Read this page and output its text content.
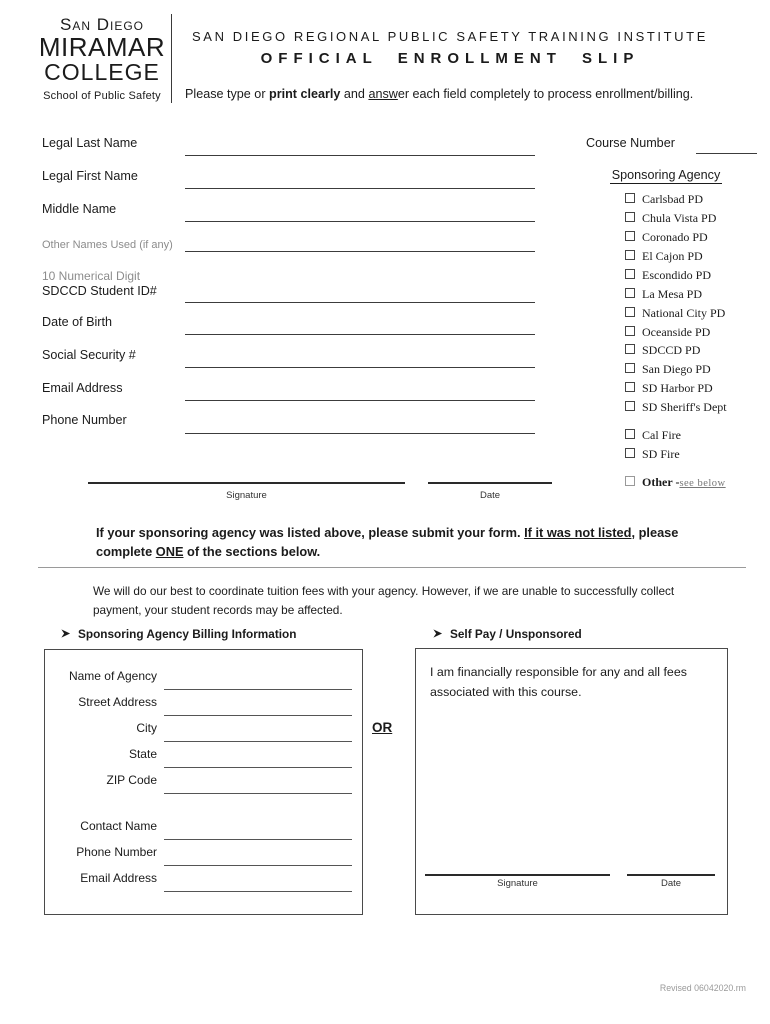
San Diego
MIRAMAR
COLLEGE
School of Public Safety
SAN DIEGO REGIONAL PUBLIC SAFETY TRAINING INSTITUTE
OFFICIAL ENROLLMENT SLIP
Please type or print clearly and answer each field completely to process enrollment/billing.
Legal Last Name
Legal First Name
Middle Name
Other Names Used (if any)
10 Numerical Digit
SDCCD Student ID#
Date of Birth
Social Security #
Email Address
Phone Number
Course Number
Sponsoring Agency
Carlsbad PD
Chula Vista PD
Coronado PD
El Cajon PD
Escondido PD
La Mesa PD
National City PD
Oceanside PD
SDCCD PD
San Diego PD
SD Harbor PD
SD Sheriff's Dept
Cal Fire
SD Fire
Other -see below
Signature	Date
If your sponsoring agency was listed above, please submit your form. If it was not listed, please complete ONE of the sections below.
We will do our best to coordinate tuition fees with your agency. However, if we are unable to successfully collect payment, your student records may be affected.
Sponsoring Agency Billing Information
Name of Agency
Street Address
City
State
ZIP Code
Contact Name
Phone Number
Email Address
OR
Self Pay / Unsponsored
I am financially responsible for any and all fees associated with this course.
Signature	Date
Revised 06042020.rm
